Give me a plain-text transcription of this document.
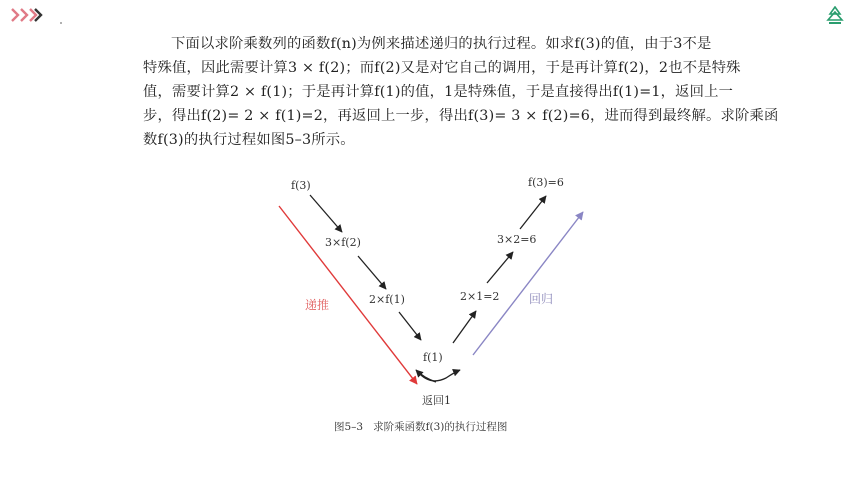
下面以求阶乘数列的函数f(n)为例来描述递归的执行过程。如求f(3)的值，由于3不是
特殊值，因此需要计算3 × f(2)；而f(2)又是对它自己的调用，于是再计算f(2)，2也不是特殊
值，需要计算2 × f(1)；于是再计算f(1)的值，1是特殊值，于是直接得出f(1)=1，返回上一
步，得出f(2)= 2 × f(1)=2，再返回上一步，得出f(3)= 3 × f(2)=6，进而得到最终解。求阶乘函
数f(3)的执行过程如图5–3所示。

f(3)
3×f(2)
2×f(1)
f(1)
2×1=2
3×2=6
f(3)=6
递推	回归
返回1
图5–3   求阶乘函数f(3)的执行过程图
